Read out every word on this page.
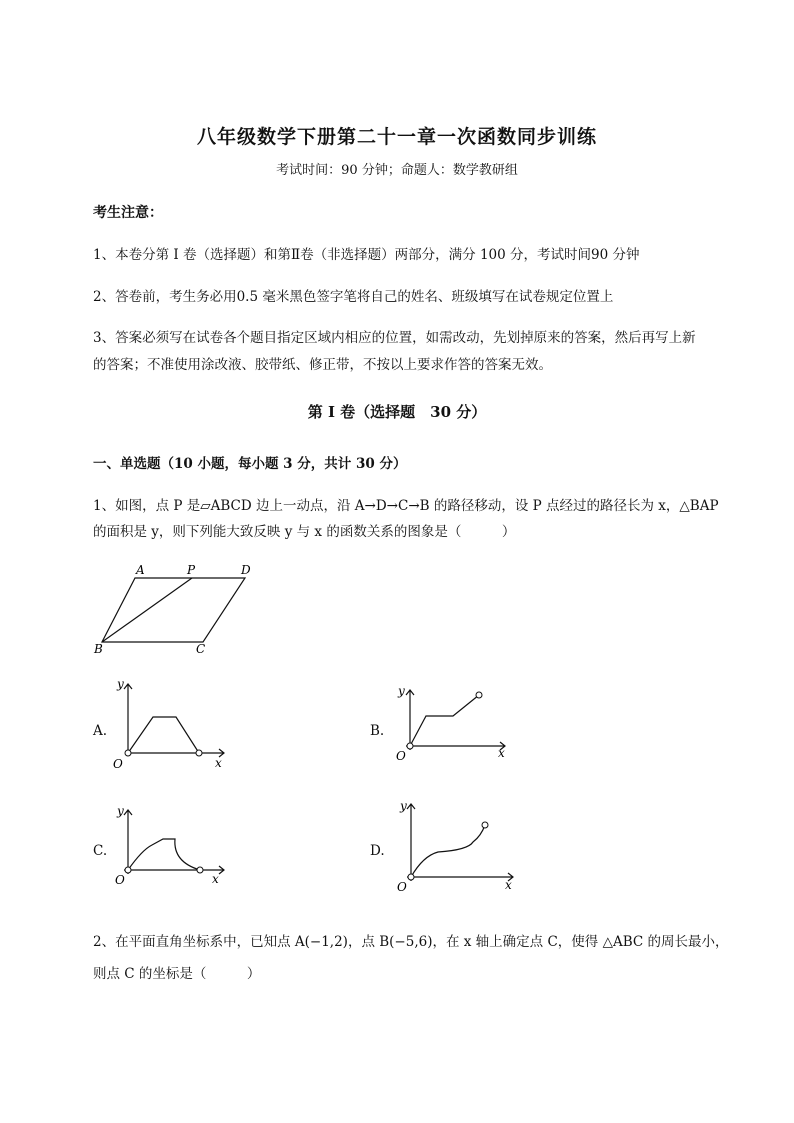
八年级数学下册第二十一章一次函数同步训练
考试时间：90 分钟；命题人：数学教研组
考生注意：
1、本卷分第 I 卷（选择题）和第Ⅱ卷（非选择题）两部分，满分 100 分，考试时间90 分钟
2、答卷前，考生务必用0.5 毫米黑色签字笔将自己的姓名、班级填写在试卷规定位置上
3、答案必须写在试卷各个题目指定区域内相应的位置，如需改动，先划掉原来的答案，然后再写上新
的答案；不准使用涂改液、胶带纸、修正带，不按以上要求作答的答案无效。
第 I 卷（选择题　30 分）
一、单选题（10 小题，每小题 3 分，共计 30 分）
1、如图，点 P 是▱ABCD 边上一动点，沿 A→D→C→B 的路径移动，设 P 点经过的路径长为 x，△BAP
的面积是 y，则下列能大致反映 y 与 x 的函数关系的图象是（　　　）
A	P	D
B	C
A.
y
O	x
B.
y
O	x
C.
y
O	x
D.
y
O	x
2、在平面直角坐标系中，已知点 A(−1,2)，点 B(−5,6)，在 x 轴上确定点 C，使得 △ABC 的周长最小，
则点 C 的坐标是（　　　）
